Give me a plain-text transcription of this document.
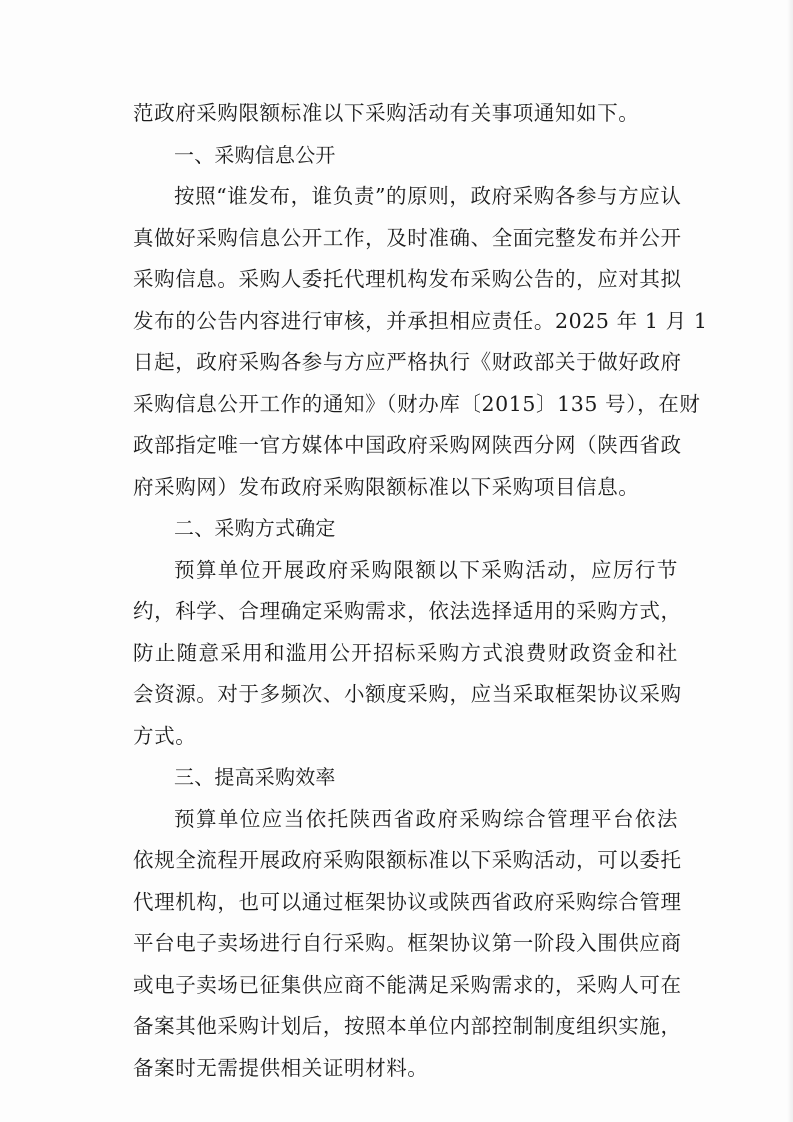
范政府采购限额标准以下采购活动有关事项通知如下。
一、采购信息公开
按照“谁发布，谁负责”的原则，政府采购各参与方应认
真做好采购信息公开工作，及时准确、全面完整发布并公开
采购信息。采购人委托代理机构发布采购公告的，应对其拟
发布的公告内容进行审核，并承担相应责任。2025 年 1 月 1
日起，政府采购各参与方应严格执行《财政部关于做好政府
采购信息公开工作的通知》（财办库〔2015〕135 号），在财
政部指定唯一官方媒体中国政府采购网陕西分网（陕西省政
府采购网）发布政府采购限额标准以下采购项目信息。
二、采购方式确定
预算单位开展政府采购限额以下采购活动，应厉行节
约，科学、合理确定采购需求，依法选择适用的采购方式，
防止随意采用和滥用公开招标采购方式浪费财政资金和社
会资源。对于多频次、小额度采购，应当采取框架协议采购
方式。
三、提高采购效率
预算单位应当依托陕西省政府采购综合管理平台依法
依规全流程开展政府采购限额标准以下采购活动，可以委托
代理机构，也可以通过框架协议或陕西省政府采购综合管理
平台电子卖场进行自行采购。框架协议第一阶段入围供应商
或电子卖场已征集供应商不能满足采购需求的，采购人可在
备案其他采购计划后，按照本单位内部控制制度组织实施，
备案时无需提供相关证明材料。
